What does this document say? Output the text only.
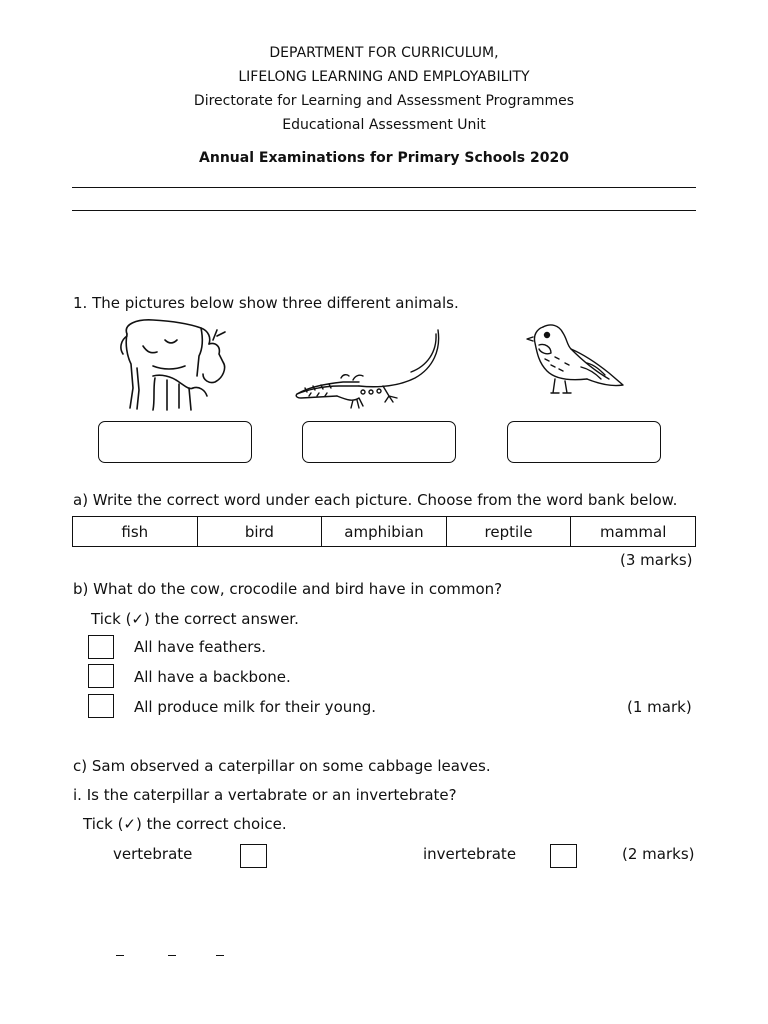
DEPARTMENT FOR CURRICULUM,
LIFELONG LEARNING AND EMPLOYABILITY
Directorate for Learning and Assessment Programmes
Educational Assessment Unit
Annual Examinations for Primary Schools 2020
1. The pictures below show three different animals.
a) Write the correct word under each picture. Choose from the word bank below.
fish	bird	amphibian	reptile	mammal
(3 marks)
b) What do the cow, crocodile and bird have in common?
Tick (✓) the correct answer.
All have feathers.
All have a backbone.
All produce milk for their young.	(1 mark)
c) Sam observed a caterpillar on some cabbage leaves.
i. Is the caterpillar a vertabrate or an invertebrate?
Tick (✓) the correct choice.
vertebrate	invertebrate	(2 marks)
